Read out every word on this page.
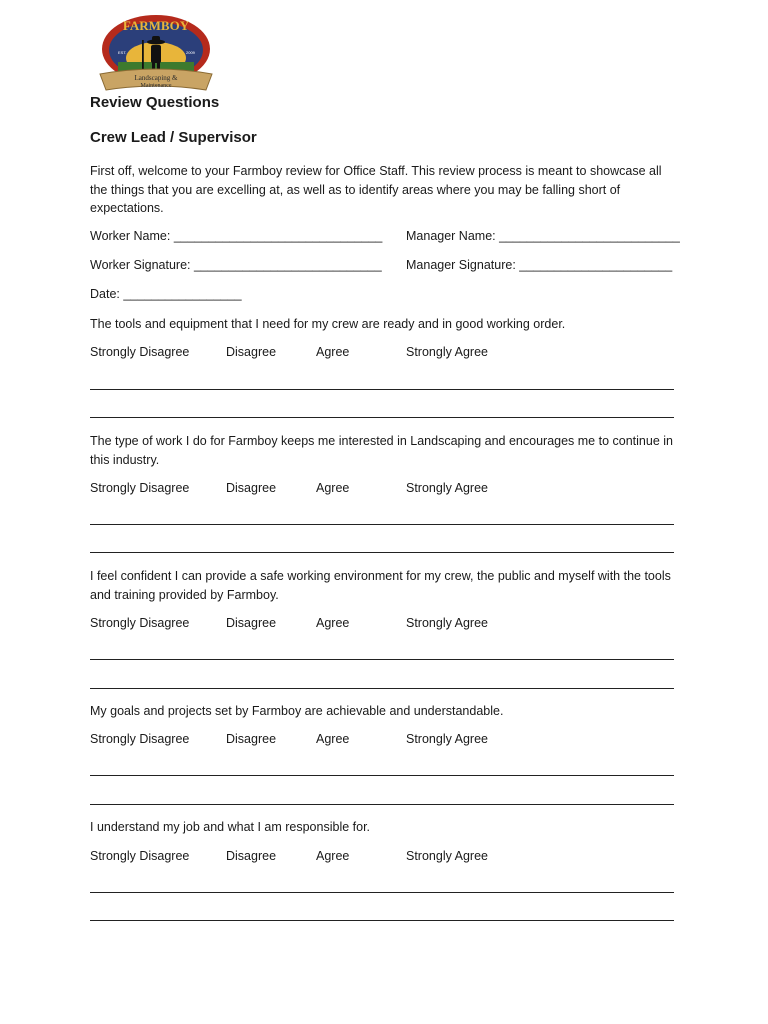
FARMBOY
EST.	2009
Landscaping &
Maintenance
Review Questions
Crew Lead / Supervisor
First off, welcome to your Farmboy review for Office Staff. This review process is meant to showcase all the things that you are excelling at, as well as to identify areas where you may be falling short of expectations.
Worker Name: ______________________________ Manager Name: __________________________
Worker Signature: ___________________________ Manager Signature: ______________________
Date: _________________
The tools and equipment that I need for my crew are ready and in good working order.
Strongly Disagree	Disagree	Agree	Strongly Agree
The type of work I do for Farmboy keeps me interested in Landscaping and encourages me to continue in this industry.
Strongly Disagree	Disagree	Agree	Strongly Agree
I feel confident I can provide a safe working environment for my crew, the public and myself with the tools and training provided by Farmboy.
Strongly Disagree	Disagree	Agree	Strongly Agree
My goals and projects set by Farmboy are achievable and understandable.
Strongly Disagree	Disagree	Agree	Strongly Agree
I understand my job and what I am responsible for.
Strongly Disagree	Disagree	Agree	Strongly Agree
